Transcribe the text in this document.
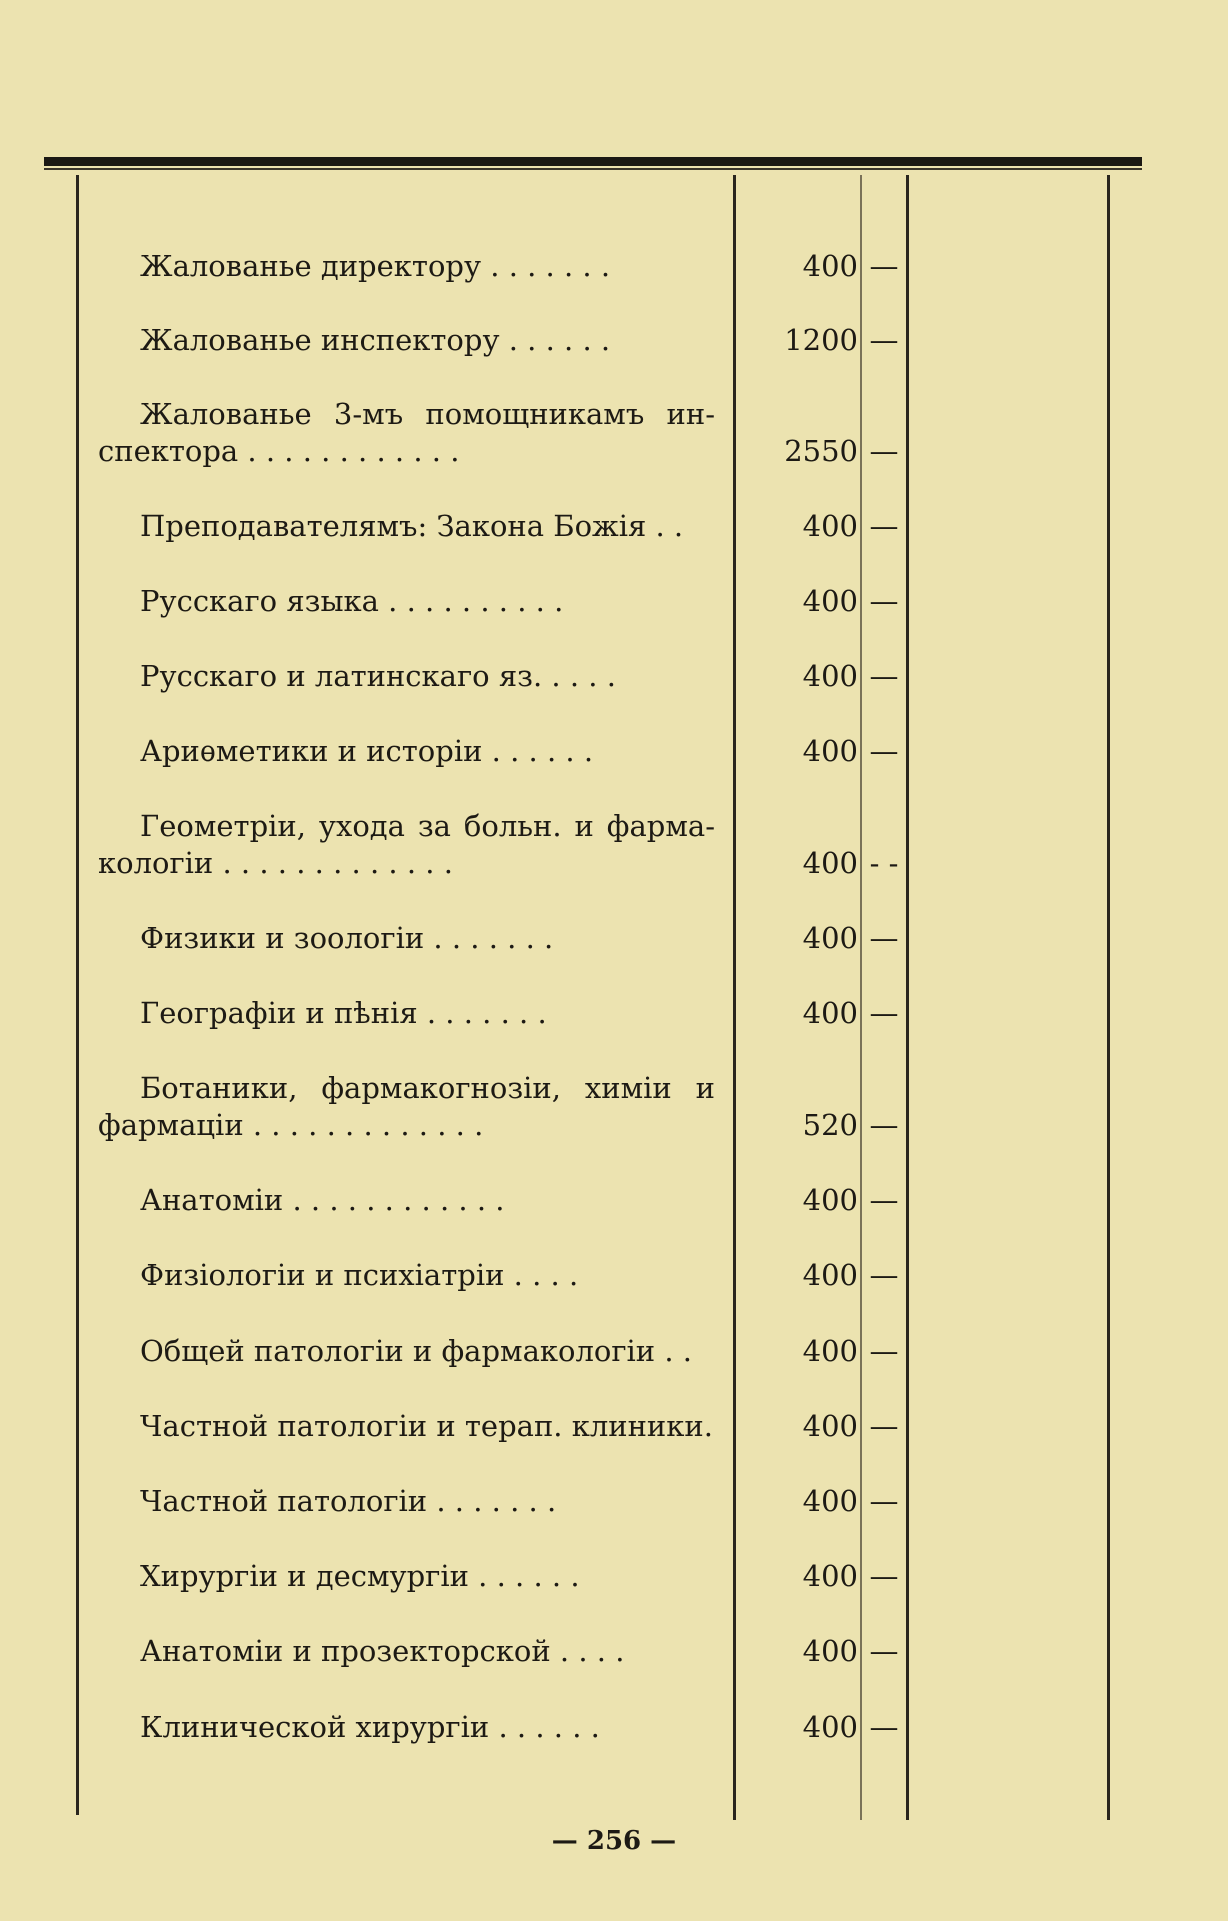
Жалованье директору . . . . . . .	400 —
Жалованье инспектору . . . . . .	1200 —
Жалованье 3-мъ помощникамъ ин-
спектора . . . . . . . . . . . .	2550 —
Преподавателямъ: Закона Божія . .	400 —
Русскаго языка . . . . . . . . . .	400 —
Русскаго и латинскаго яз. . . . .	400 —
Ариѳметики и исторіи . . . . . .	400 —
Геометріи, ухода за больн. и фарма-
кологіи . . . . . . . . . . . . .	400 - -
Физики и зоологіи . . . . . . .	400 —
Географіи и пѣнія . . . . . . .	400 —
Ботаники, фармакогнозіи, химіи и
фармаціи . . . . . . . . . . . . .	520 —
Анатоміи . . . . . . . . . . . .	400 —
Физіологіи и психіатріи . . . .	400 —
Общей патологіи и фармакологіи . .	400 —
Частной патологіи и терап. клиники.	400 —
Частной патологіи . . . . . . .	400 —
Хирургіи и десмургіи . . . . . .	400 —
Анатоміи и прозекторской . . . .	400 —
Клинической хирургіи . . . . . .	400 —
— 256 —
